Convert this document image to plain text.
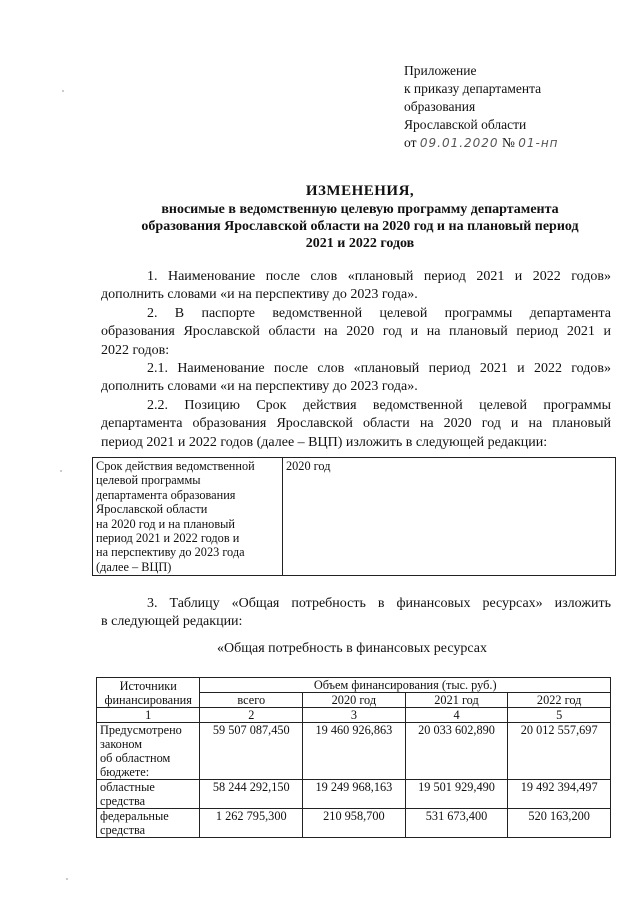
Приложение
к приказу департамента
образования
Ярославской области
от 09.01.2020 № 01-нп
ИЗМЕНЕНИЯ,
вносимые в ведомственную целевую программу департамента
образования Ярославской области на 2020 год и на плановый период
2021 и 2022 годов
1. Наименование после слов «плановый период 2021 и 2022 годов»
дополнить словами «и на перспективу до 2023 года».
2. В паспорте ведомственной целевой программы департамента
образования Ярославской области на 2020 год и на плановый период 2021 и
2022 годов:
2.1. Наименование после слов «плановый период 2021 и 2022 годов»
дополнить словами «и на перспективу до 2023 года».
2.2. Позицию Срок действия ведомственной целевой программы
департамента образования Ярославской области на 2020 год и на плановый
период 2021 и 2022 годов (далее – ВЦП) изложить в следующей редакции:
Срок действия ведомственной
целевой программы
департамента образования
Ярославской области
на 2020 год и на плановый
период 2021 и 2022 годов и
на перспективу до 2023 года
(далее – ВЦП)
	2020 год
3. Таблицу «Общая потребность в финансовых ресурсах» изложить
в следующей редакции:
«Общая потребность в финансовых ресурсах
Источники
финансирования	Объем финансирования (тыс. руб.)			
	всего	2020 год	2021 год	2022 год
1	2	3	4	5

Предусмотрено
законом
об областном
бюджете:	59 507 087,450	19 460 926,863	20 033 602,890	20 012 557,697

областные
средства	58 244 292,150	19 249 968,163	19 501 929,490	19 492 394,497

федеральные
средства	1 262 795,300	210 958,700	531 673,400	520 163,200
